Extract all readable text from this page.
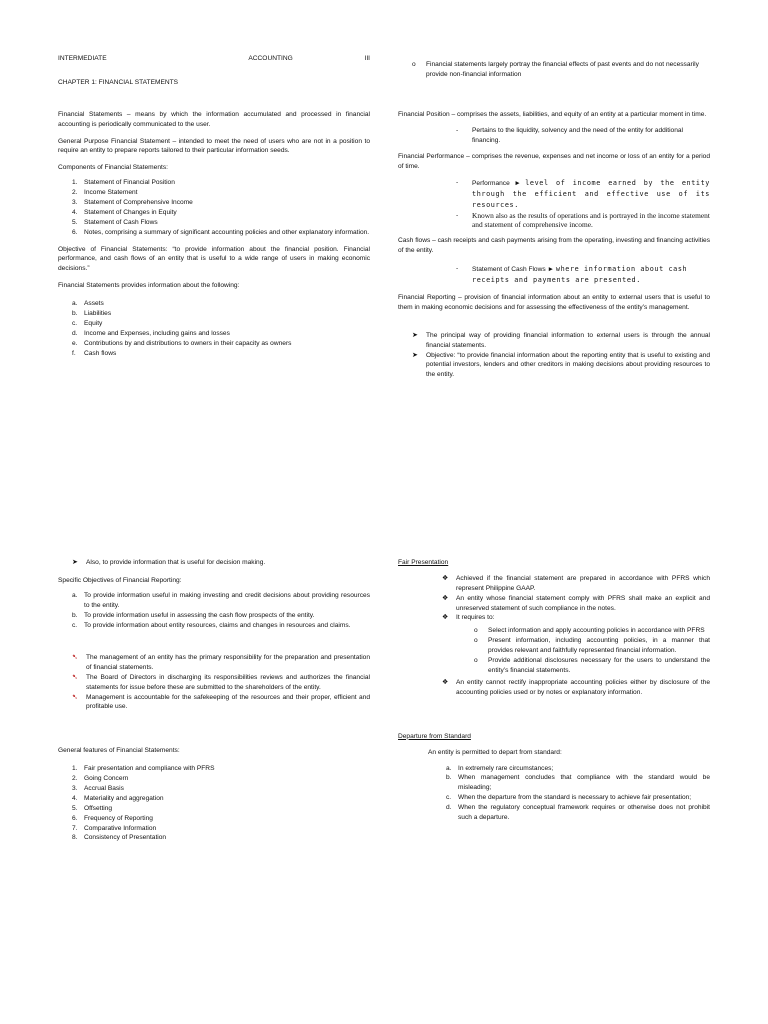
INTERMEDIATE	ACCOUNTING	III

CHAPTER 1: FINANCIAL STATEMENTS

Financial Statements – means by which the information accumulated and processed in financial accounting is periodically communicated to the user.

General Purpose Financial Statement – intended to meet the need of users who are not in a position to require an entity to prepare reports tailored to their particular information seeds.

Components of Financial Statements:

1. Statement of Financial Position
2. Income Statement
3. Statement of Comprehensive Income
4. Statement of Changes in Equity
5. Statement of Cash Flows
6. Notes, comprising a summary of significant accounting policies and other explanatory information.

Objective of Financial Statements: “to provide information about the financial position. Financial performance, and cash flows of an entity that is useful to a wide range of users in making economic decisions.”

Financial Statements provides information about the following:

a. Assets
b. Liabilities
c.	Equity
d. Income and Expenses, including gains and losses
e. Contributions by and distributions to owners in their capacity as owners
f.	Cash flows
o	Financial statements largely portray the financial effects of past events and do not necessarily provide non-financial information

Financial Position – comprises the assets, liabilities, and equity of an entity at a particular moment in time.

-	Pertains to the liquidity, solvency and the need of the entity for additional financing.

Financial Performance – comprises the revenue, expenses and net income or loss of an entity for a period of time.

-	Performance ► level of income earned by the entity through the efficient and effective use of its resources.
-	Known also as the results of operations and is portrayed in the income statement and statement of comprehensive income.

Cash flows – cash receipts and cash payments arising from the operating, investing and financing activities of the entity.

-	Statement of Cash Flows ► where information about cash receipts and payments are presented.

Financial Reporting – provision of financial information about an entity to external users that is useful to them in making economic decisions and for assessing the effectiveness of the entity’s management.

➤	The principal way of providing financial information to external users is through the annual financial statements.
➤	Objective: “to provide financial information about the reporting entity that is useful to existing and potential investors, lenders and other creditors in making decisions about providing resources to the entity.
➤	Also, to provide information that is useful for decision making.

Specific Objectives of Financial Reporting:

a. To provide information useful in making investing and credit decisions about providing resources to the entity.
b. To provide information useful in assessing the cash flow prospects of the entity.
c.	To provide information about entity resources, claims and changes in resources and claims.
➷	The management of an entity has the primary responsibility for the preparation and presentation of financial statements.
➷	The Board of Directors in discharging its responsibilities reviews and authorizes the financial statements for issue before these are submitted to the shareholders of the entity.
➷	Management is accountable for the safekeeping of the resources and their proper, efficient and profitable use.

General features of Financial Statements:

1. Fair presentation and compliance with PFRS
2. Going Concern
3. Accrual Basis
4. Materiality and aggregation
5. Offsetting
6. Frequency of Reporting
7. Comparative Information
8. Consistency of Presentation

Fair Presentation

❖	Achieved if the financial statement are prepared in accordance with PFRS which represent Philippine GAAP.
❖	An entity whose financial statement comply with PFRS shall make an explicit and unreserved statement of such compliance in the notes.
❖	It requires to:
o	Select information and apply accounting policies in accordance with PFRS
o	Present information, including accounting policies, in a manner that provides relevant and faithfully represented financial information.
o	Provide additional disclosures necessary for the users to understand the entity’s financial statements.
❖	An entity cannot rectify inappropriate accounting policies either by disclosure of the accounting policies used or by notes or explanatory information.

Departure from Standard

An entity is permitted to depart from standard:

a. In extremely rare circumstances;
b. When management concludes that compliance with the standard would be misleading;
c.	When the departure from the standard is necessary to achieve fair presentation;
d. When the regulatory conceptual framework requires or otherwise does not prohibit such a departure.
